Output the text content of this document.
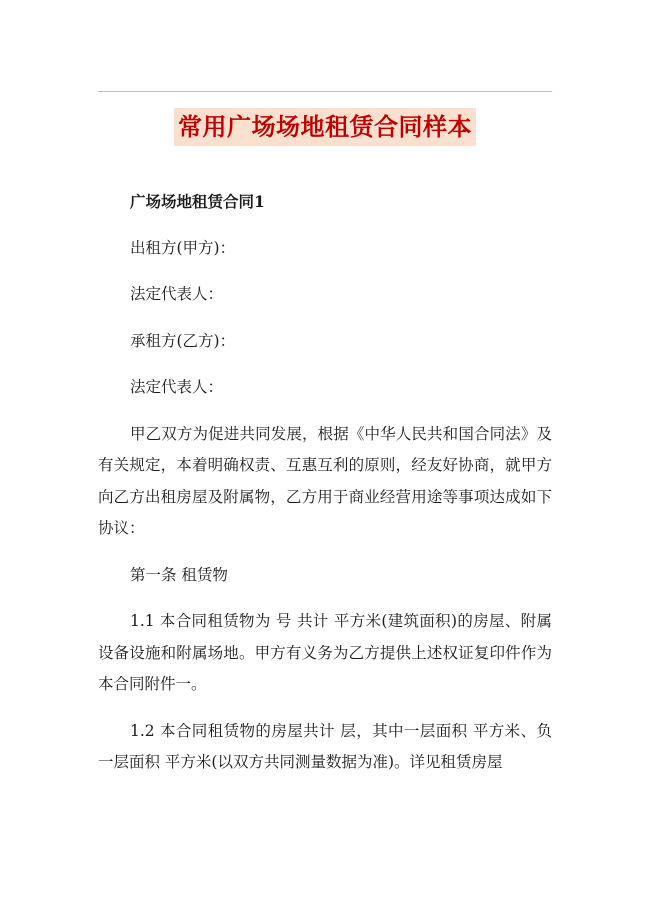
常用广场场地租赁合同样本

广场场地租赁合同1

出租方(甲方)：

法定代表人：

承租方(乙方)：

法定代表人：

甲乙双方为促进共同发展，根据《中华人民共和国合同法》及有关规定，本着明确权责、互惠互利的原则，经友好协商，就甲方向乙方出租房屋及附属物，乙方用于商业经营用途等事项达成如下协议：

第一条 租赁物

1.1 本合同租赁物为 号 共计 平方米(建筑面积)的房屋、附属设备设施和附属场地。甲方有义务为乙方提供上述权证复印件作为本合同附件一。

1.2 本合同租赁物的房屋共计 层，其中一层面积 平方米、负一层面积 平方米(以双方共同测量数据为准)。详见租赁房屋
